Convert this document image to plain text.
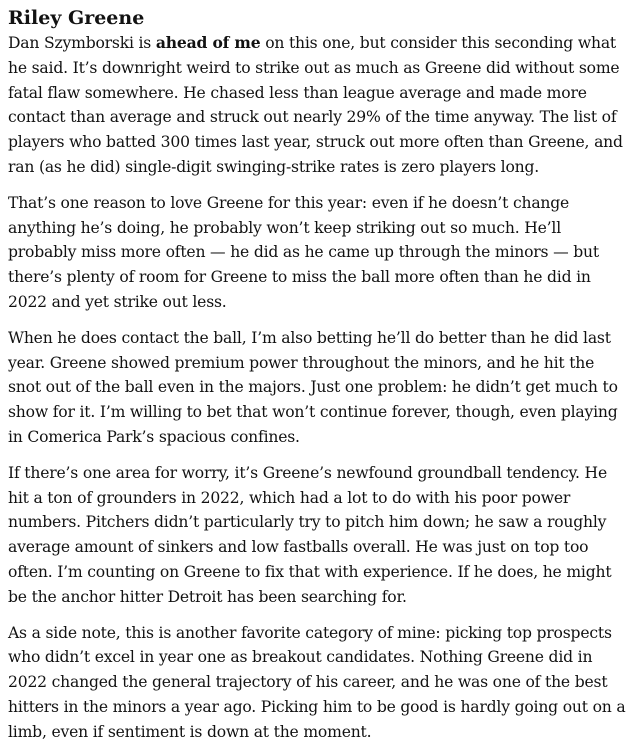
Riley Greene

Dan Szymborski is ahead of me on this one, but consider this seconding what he said. It’s downright weird to strike out as much as Greene did without some fatal flaw somewhere. He chased less than league average and made more contact than average and struck out nearly 29% of the time anyway. The list of players who batted 300 times last year, struck out more often than Greene, and ran (as he did) single-digit swinging-strike rates is zero players long.

That’s one reason to love Greene for this year: even if he doesn’t change anything he’s doing, he probably won’t keep striking out so much. He’ll probably miss more often — he did as he came up through the minors — but there’s plenty of room for Greene to miss the ball more often than he did in 2022 and yet strike out less.

When he does contact the ball, I’m also betting he’ll do better than he did last year. Greene showed premium power throughout the minors, and he hit the snot out of the ball even in the majors. Just one problem: he didn’t get much to show for it. I’m willing to bet that won’t continue forever, though, even playing in Comerica Park’s spacious confines.

If there’s one area for worry, it’s Greene’s newfound groundball tendency. He hit a ton of grounders in 2022, which had a lot to do with his poor power numbers. Pitchers didn’t particularly try to pitch him down; he saw a roughly average amount of sinkers and low fastballs overall. He was just on top too often. I’m counting on Greene to fix that with experience. If he does, he might be the anchor hitter Detroit has been searching for.

As a side note, this is another favorite category of mine: picking top prospects who didn’t excel in year one as breakout candidates. Nothing Greene did in 2022 changed the general trajectory of his career, and he was one of the best hitters in the minors a year ago. Picking him to be good is hardly going out on a limb, even if sentiment is down at the moment.
